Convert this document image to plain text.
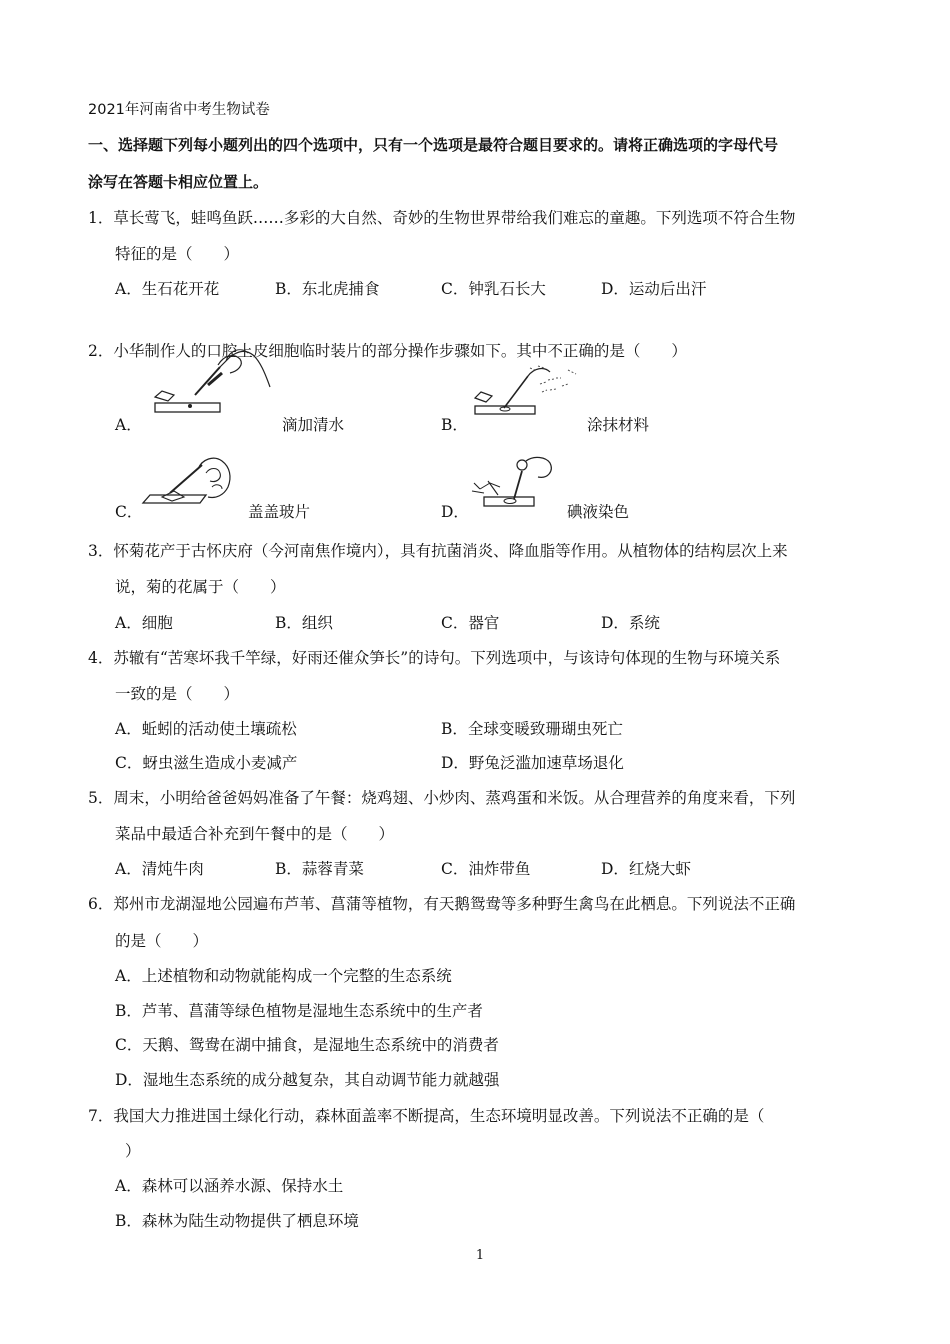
2021年河南省中考生物试卷
一、选择题下列每小题列出的四个选项中，只有一个选项是最符合题目要求的。请将正确选项的字母代号
涂写在答题卡相应位置上。
1．草长莺飞，蛙鸣鱼跃……多彩的大自然、奇妙的生物世界带给我们难忘的童趣。下列选项不符合生物
特征的是（　　）
A．生石花开花	B．东北虎捕食	C．钟乳石长大	D．运动后出汗
2．小华制作人的口腔上皮细胞临时装片的部分操作步骤如下。其中不正确的是（　　）
A．	滴加清水	B．	涂抹材料
C．	盖盖玻片	D．	碘液染色
3．怀菊花产于古怀庆府（今河南焦作境内），具有抗菌消炎、降血脂等作用。从植物体的结构层次上来
说，菊的花属于（　　）
A．细胞	B．组织	C．器官	D．系统
4．苏辙有“苦寒坏我千竿绿，好雨还催众笋长”的诗句。下列选项中，与该诗句体现的生物与环境关系
一致的是（　　）
A．蚯蚓的活动使土壤疏松	B．全球变暖致珊瑚虫死亡
C．蚜虫滋生造成小麦减产	D．野兔泛滥加速草场退化
5．周末，小明给爸爸妈妈准备了午餐：烧鸡翅、小炒肉、蒸鸡蛋和米饭。从合理营养的角度来看，下列
菜品中最适合补充到午餐中的是（　　）
A．清炖牛肉	B．蒜蓉青菜	C．油炸带鱼	D．红烧大虾
6．郑州市龙湖湿地公园遍布芦苇、菖蒲等植物，有天鹅鸳鸯等多种野生禽鸟在此栖息。下列说法不正确
的是（　　）
A．上述植物和动物就能构成一个完整的生态系统
B．芦苇、菖蒲等绿色植物是湿地生态系统中的生产者
C．天鹅、鸳鸯在湖中捕食，是湿地生态系统中的消费者
D．湿地生态系统的成分越复杂，其自动调节能力就越强
7．我国大力推进国土绿化行动，森林面盖率不断提高，生态环境明显改善。下列说法不正确的是（
）
A．森林可以涵养水源、保持水土
B．森林为陆生动物提供了栖息环境
1
